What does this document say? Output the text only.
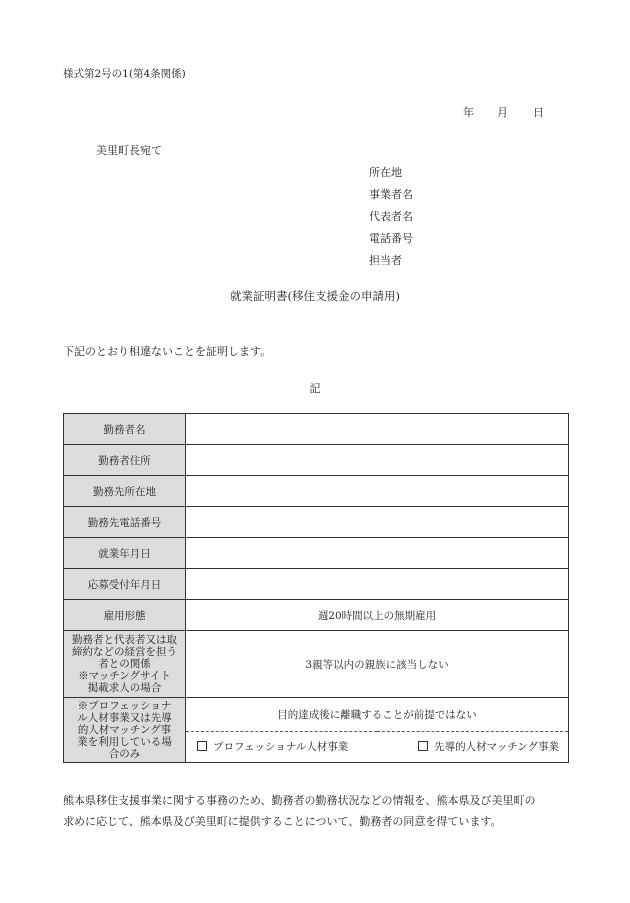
様式第2号の1(第4条関係)
年 月 日
美里町長宛て
所在地
事業者名
代表者名
電話番号
担当者
就業証明書(移住支援金の申請用)
下記のとおり相違ないことを証明します。
記
勤務者名	
勤務者住所	
勤務先所在地	
勤務先電話番号	
就業年月日	
応募受付年月日	
雇用形態	週20時間以上の無期雇用

勤務者と代表者又は取
締約などの経営を担う
者との関係
※マッチングサイト
掲載求人の場合	3親等以内の親族に該当しない

※プロフェッショナ
ル人材事業又は先導
的人材マッチング事
業を利用している場
合のみ	目的達成後に離職することが前提ではない

	プロフェッショナル人材事業 先導的人材マッチング事業
熊本県移住支援事業に関する事務のため、勤務者の勤務状況などの情報を、熊本県及び美里町の
求めに応じて、熊本県及び美里町に提供することについて、勤務者の同意を得ています。
